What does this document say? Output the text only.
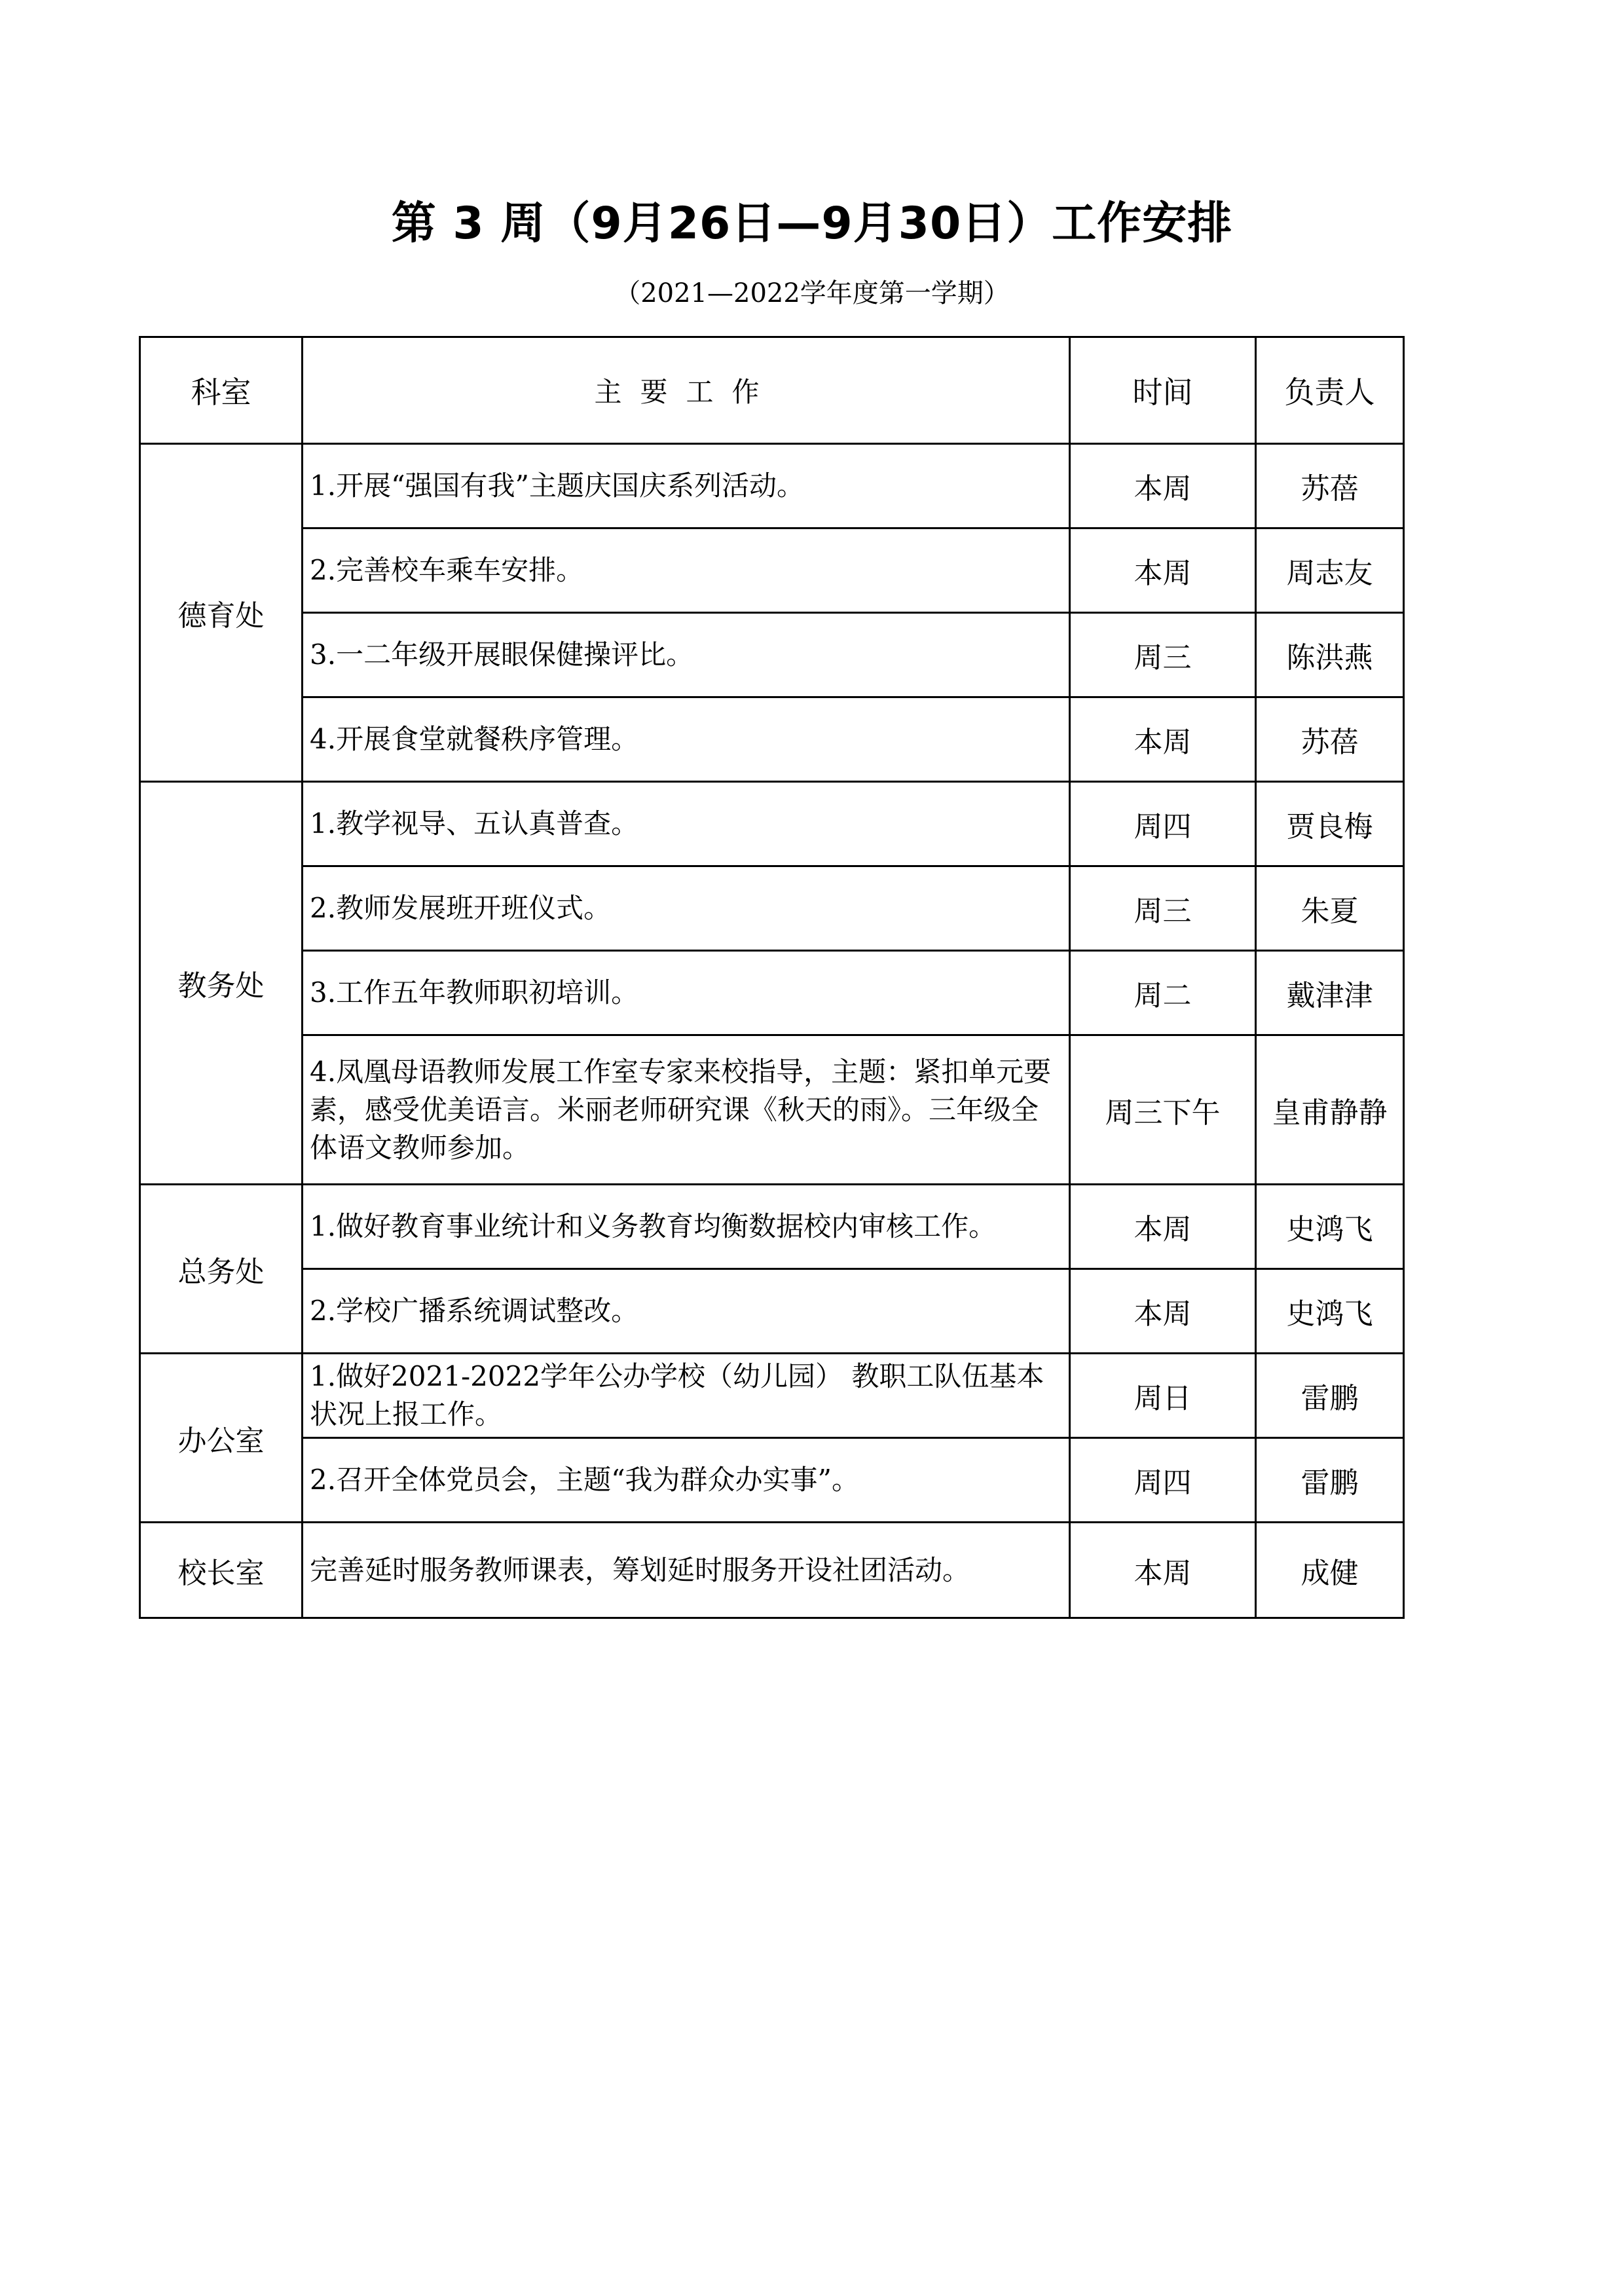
第 3 周（9月26日—9月30日）工作安排
（2021—2022学年度第一学期）
科室	主要工作	时间	负责人
德育处	1.开展“强国有我”主题庆国庆系列活动。	本周	苏蓓
	2.完善校车乘车安排。	本周	周志友
	3.一二年级开展眼保健操评比。	周三	陈洪燕
	4.开展食堂就餐秩序管理。	本周	苏蓓
教务处	1.教学视导、五认真普查。	周四	贾良梅
	2.教师发展班开班仪式。	周三	朱夏
	3.工作五年教师职初培训。	周二	戴津津
	4.凤凰母语教师发展工作室专家来校指导，主题：紧扣单元要素，感受优美语言。米丽老师研究课《秋天的雨》。三年级全体语文教师参加。	周三下午	皇甫静静
总务处	1.做好教育事业统计和义务教育均衡数据校内审核工作。	本周	史鸿飞
	2.学校广播系统调试整改。	本周	史鸿飞
办公室	1.做好2021-2022学年公办学校（幼儿园） 教职工队伍基本状况上报工作。	周日	雷鹏
	2.召开全体党员会，主题“我为群众办实事”。	周四	雷鹏
校长室	完善延时服务教师课表，筹划延时服务开设社团活动。	本周	成健
